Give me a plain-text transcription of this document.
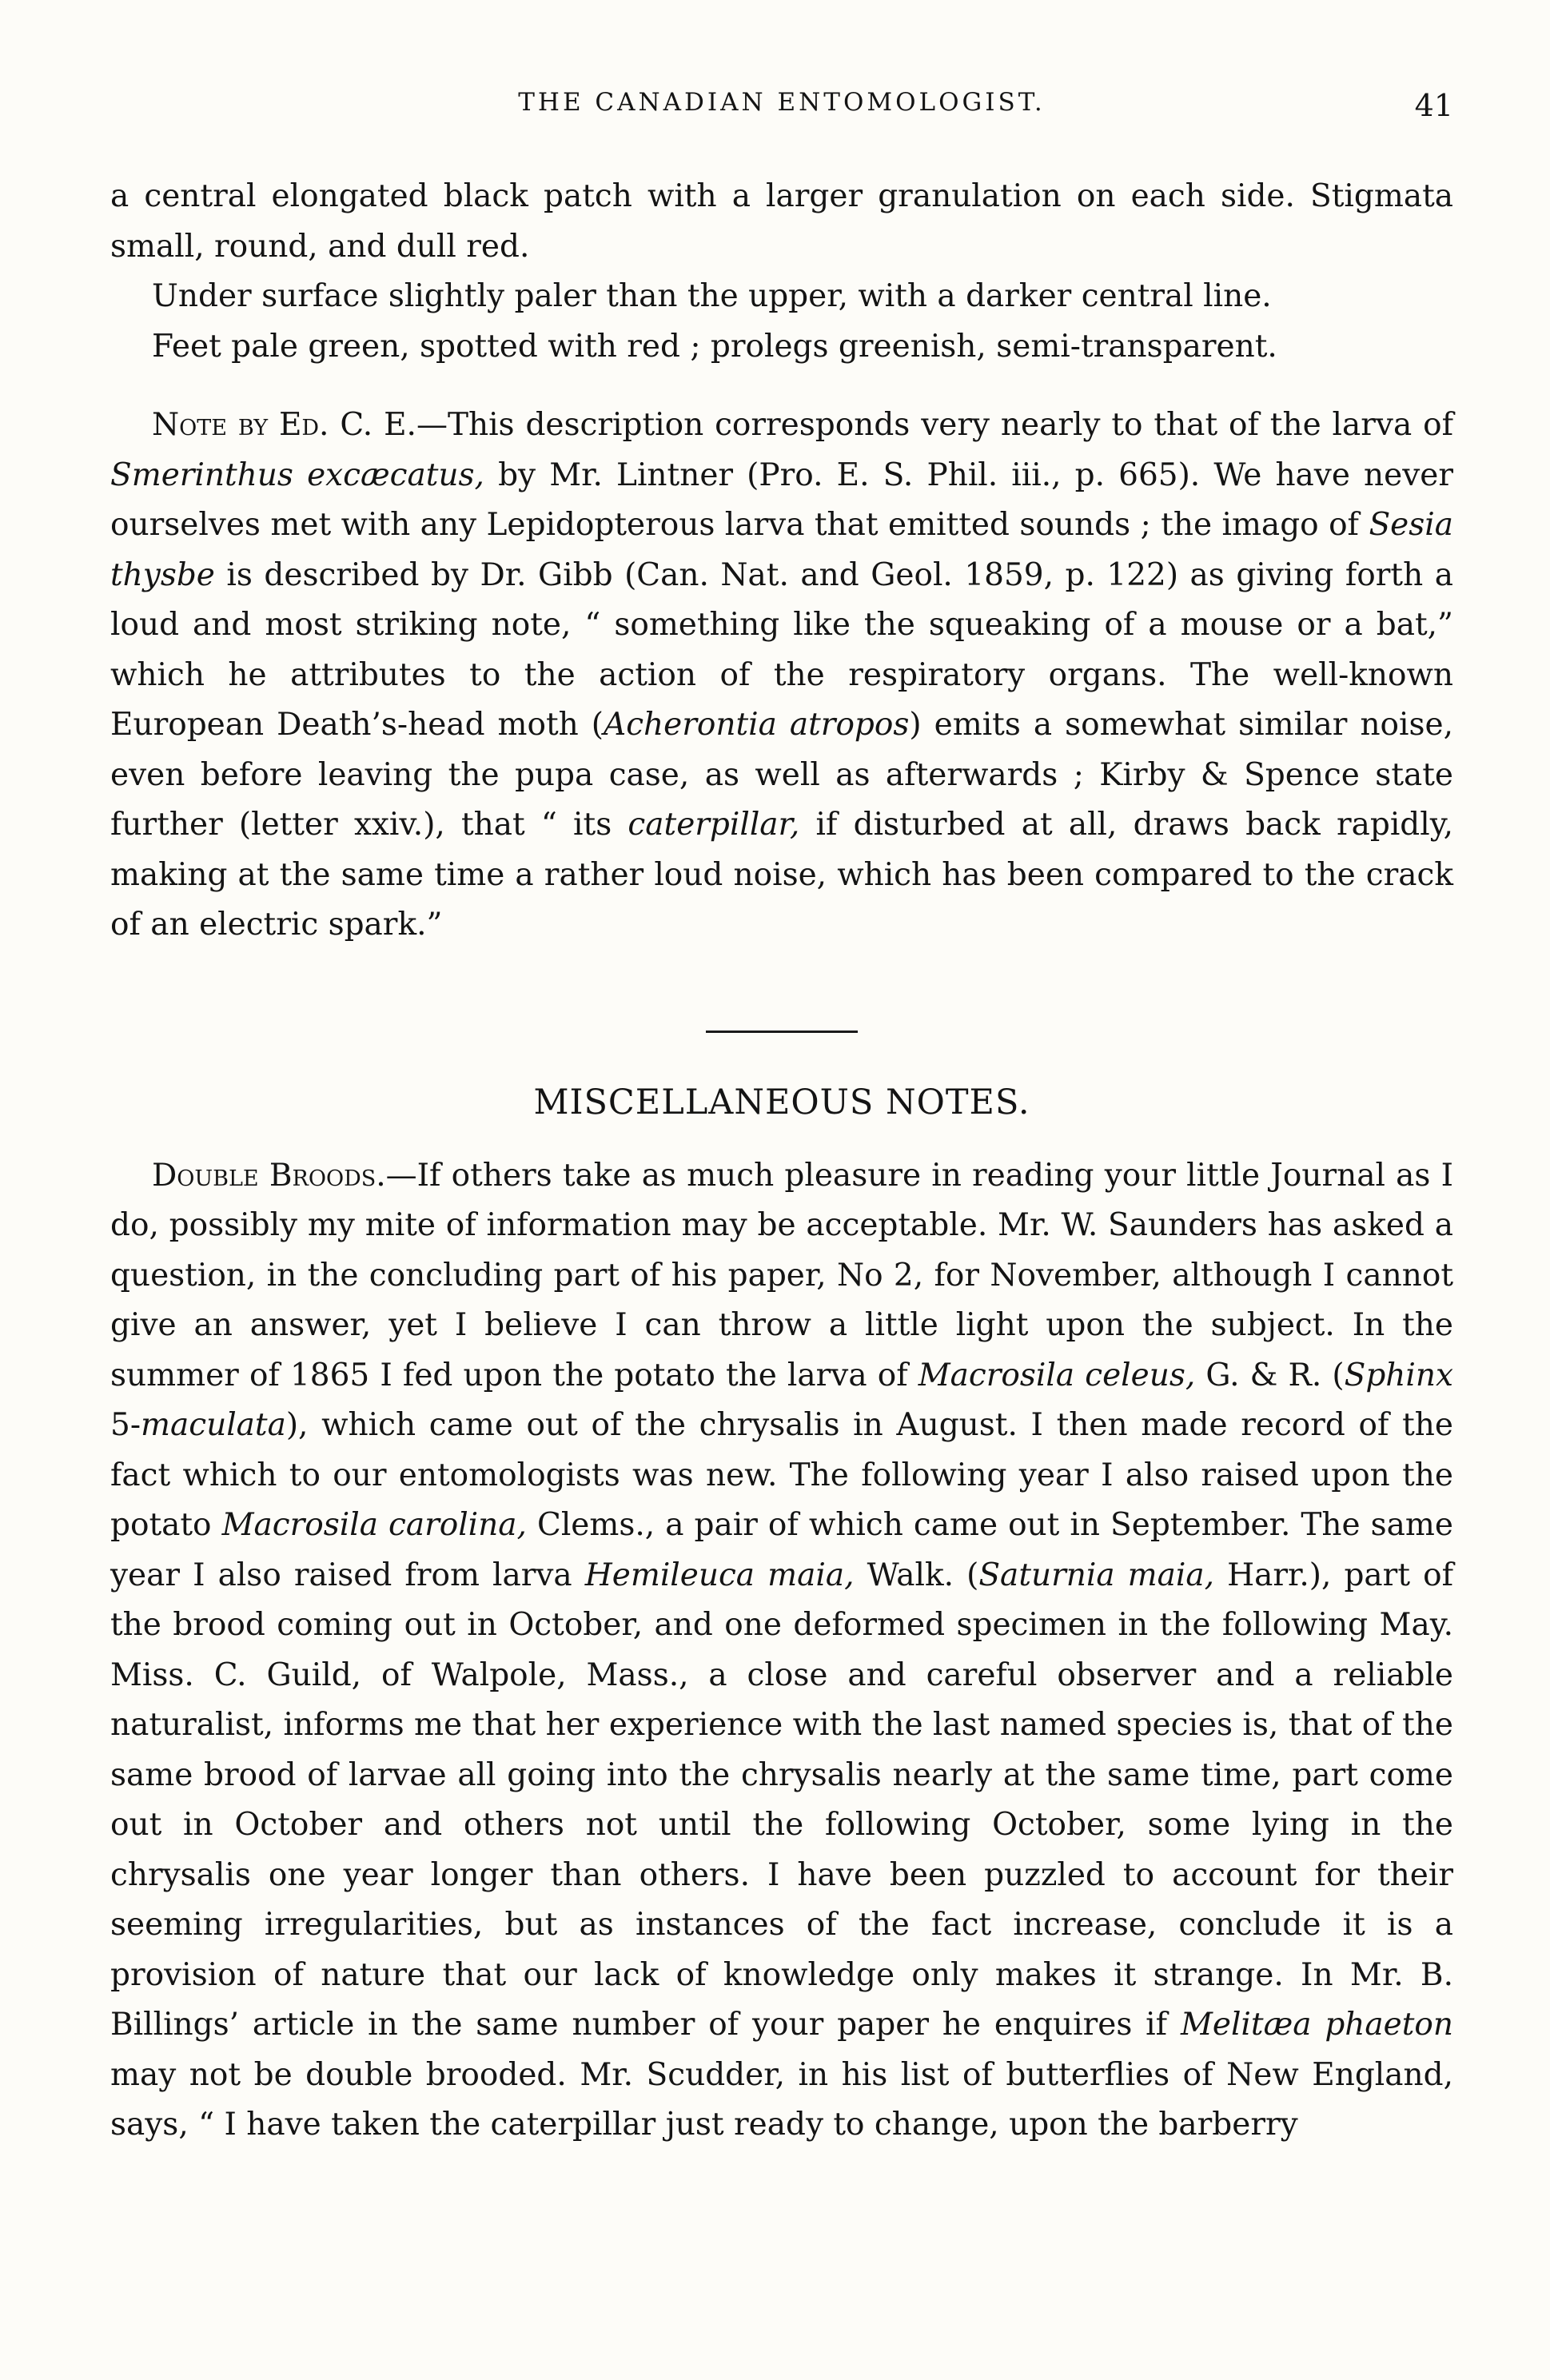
THE CANADIAN ENTOMOLOGIST.	41

a central elongated black patch with a larger granulation on each side. Stigmata small, round, and dull red.

Under surface slightly paler than the upper, with a darker central line.

Feet pale green, spotted with red ; prolegs greenish, semi-transparent.

Note by Ed. C. E.—This description corresponds very nearly to that of the larva of Smerinthus excæcatus, by Mr. Lintner (Pro. E. S. Phil. iii., p. 665). We have never ourselves met with any Lepidopterous larva that emitted sounds ; the imago of Sesia thysbe is described by Dr. Gibb (Can. Nat. and Geol. 1859, p. 122) as giving forth a loud and most striking note, “ something like the squeaking of a mouse or a bat,” which he attributes to the action of the respiratory organs. The well-known European Death’s-head moth (Acherontia atropos) emits a somewhat similar noise, even before leaving the pupa case, as well as afterwards ; Kirby & Spence state further (letter xxiv.), that “ its caterpillar, if disturbed at all, draws back rapidly, making at the same time a rather loud noise, which has been compared to the crack of an electric spark.”

MISCELLANEOUS NOTES.

Double Broods.—If others take as much pleasure in reading your little Journal as I do, possibly my mite of information may be acceptable. Mr. W. Saunders has asked a question, in the concluding part of his paper, No 2, for November, although I cannot give an answer, yet I believe I can throw a little light upon the subject. In the summer of 1865 I fed upon the potato the larva of Macrosila celeus, G. & R. (Sphinx 5-maculata), which came out of the chrysalis in August. I then made record of the fact which to our entomologists was new. The following year I also raised upon the potato Macrosila carolina, Clems., a pair of which came out in September. The same year I also raised from larva Hemileuca maia, Walk. (Saturnia maia, Harr.), part of the brood coming out in October, and one deformed specimen in the following May. Miss. C. Guild, of Walpole, Mass., a close and careful observer and a reliable naturalist, informs me that her experience with the last named species is, that of the same brood of larvae all going into the chrysalis nearly at the same time, part come out in October and others not until the following October, some lying in the chrysalis one year longer than others. I have been puzzled to account for their seeming irregularities, but as instances of the fact increase, conclude it is a provision of nature that our lack of knowledge only makes it strange. In Mr. B. Billings’ article in the same number of your paper he enquires if Melitæa phaeton may not be double brooded. Mr. Scudder, in his list of butterflies of New England, says, “ I have taken the caterpillar just ready to change, upon the barberry
